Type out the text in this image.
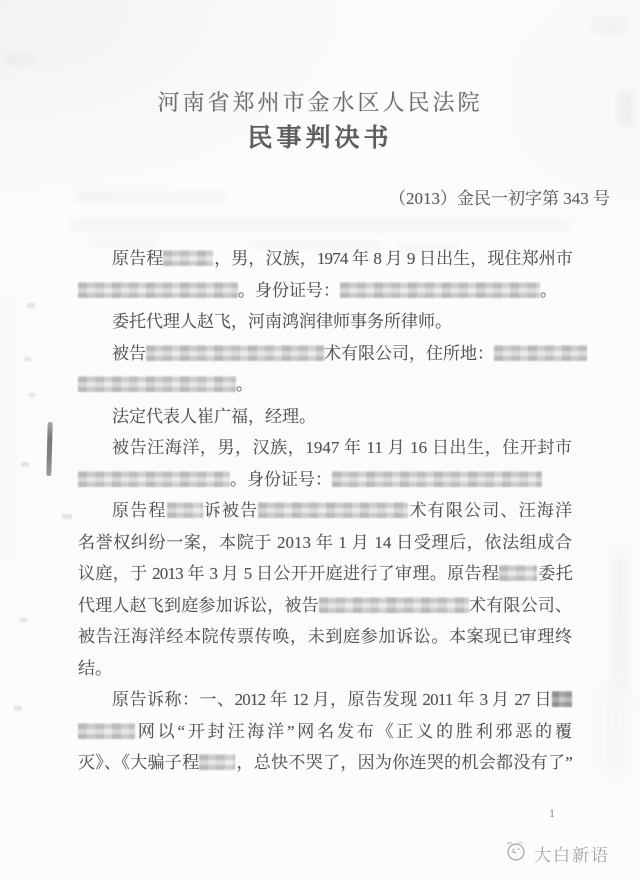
河南省郑州市金水区人民法院
民事判决书
（2013）金民一初字第 343 号
原告程	，男，汉族，1974 年 8 月 9 日出生，现住郑州市
。身份证号：	。
委托代理人赵飞，河南鸿润律师事务所律师。
被告	术有限公司，住所地：
。
法定代表人崔广福，经理。
被告汪海洋，男，汉族，1947 年 11 月 16 日出生，住开封市
。身份证号：
原告程 诉被告	术有限公司、汪海洋
名誉权纠纷一案，本院于 2013 年 1 月 14 日受理后，依法组成合
议庭，于 2013 年 3 月 5 日公开开庭进行了审理。原告程 委托
代理人赵飞到庭参加诉讼，被告	术有限公司、
被告汪海洋经本院传票传唤，未到庭参加诉讼。本案现已审理终
结。
原告诉称：一、2012 年 12 月，原告发现 2011 年 3 月 27 日
网以“开封汪海洋”网名发布《正义的胜利邪恶的覆
灭》、《大骗子程 ，总快不哭了，因为你连哭的机会都没有了”
1
大白新语
